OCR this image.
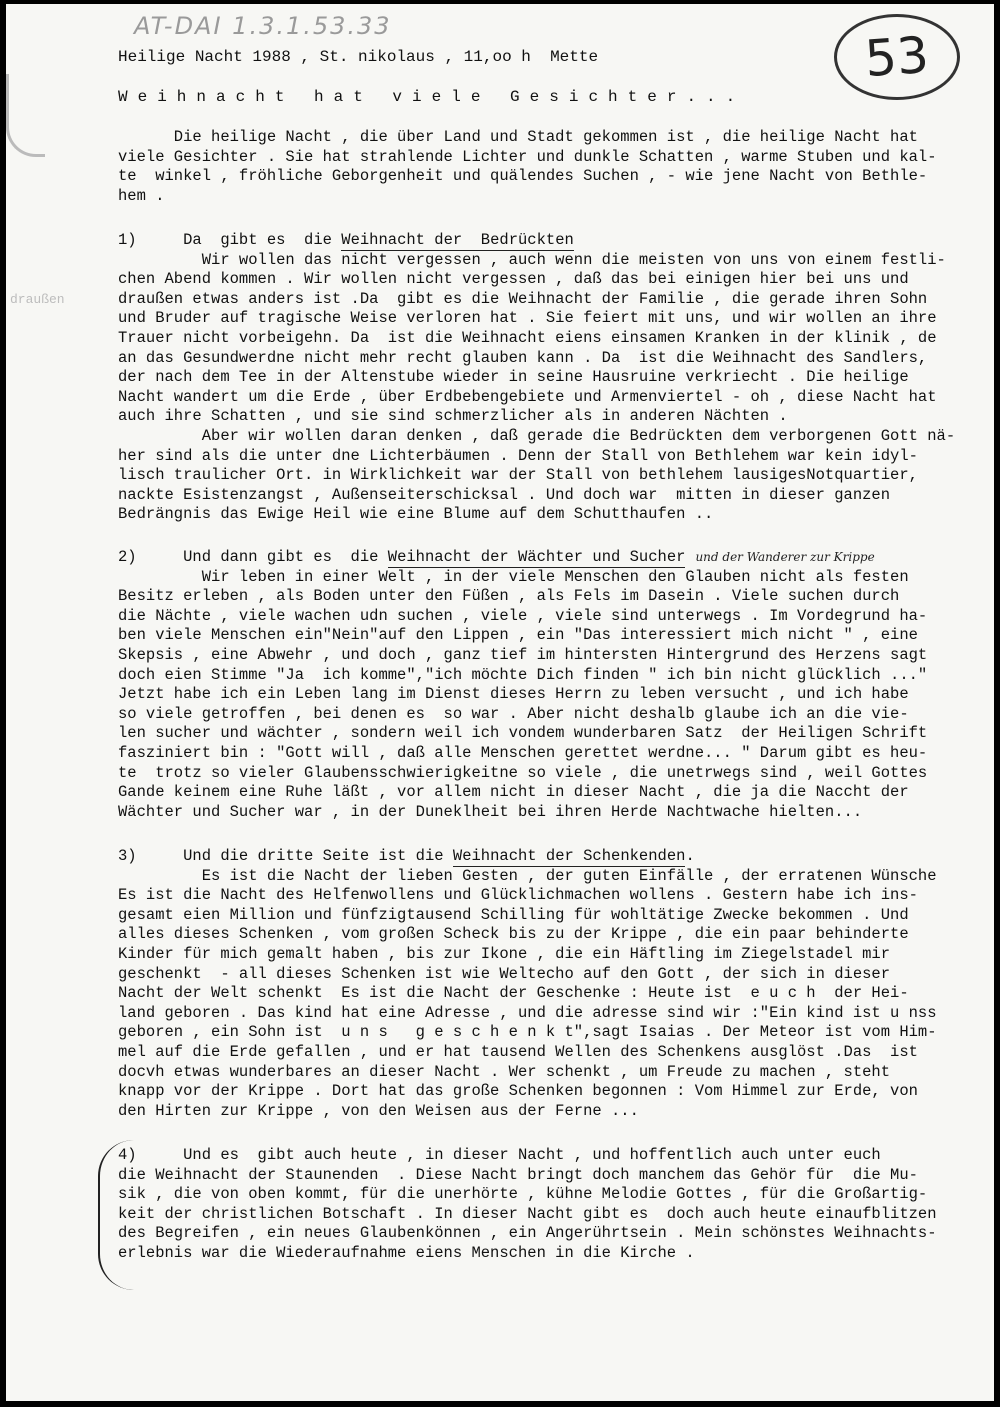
AT-DAI 1.3.1.53.33	53
draußen
Heilige Nacht 1988 , St. nikolaus , 11,oo h  Mette
Weihnacht hat viele Gesichter...
Die heilige Nacht , die über Land und Stadt gekommen ist , die heilige Nacht hat
viele Gesichter . Sie hat strahlende Lichter und dunkle Schatten , warme Stuben und kal-
te  winkel , fröhliche Geborgenheit und quälendes Suchen , - wie jene Nacht von Bethle-
hem .
1)	Da  gibt es  die Weihnacht der  Bedrückten
Wir wollen das nicht vergessen , auch wenn die meisten von uns von einem festli-
chen Abend kommen . Wir wollen nicht vergessen , daß das bei einigen hier bei uns und
draußen etwas anders ist .Da  gibt es die Weihnacht der Familie , die gerade ihren Sohn
und Bruder auf tragische Weise verloren hat . Sie feiert mit uns, und wir wollen an ihre
Trauer nicht vorbeigehn. Da  ist die Weihnacht eiens einsamen Kranken in der klinik , de
an das Gesundwerdne nicht mehr recht glauben kann . Da  ist die Weihnacht des Sandlers,
der nach dem Tee in der Altenstube wieder in seine Hausruine verkriecht . Die heilige
Nacht wandert um die Erde , über Erdbebengebiete und Armenviertel - oh , diese Nacht hat
auch ihre Schatten , und sie sind schmerzlicher als in anderen Nächten .
Aber wir wollen daran denken , daß gerade die Bedrückten dem verborgenen Gott nä-
her sind als die unter dne Lichterbäumen . Denn der Stall von Bethlehem war kein idyl-
lisch traulicher Ort. in Wirklichkeit war der Stall von bethlehem lausigesNotquartier,
nackte Esistenzangst , Außenseiterschicksal . Und doch war  mitten in dieser ganzen
Bedrängnis das Ewige Heil wie eine Blume auf dem Schutthaufen ..
2)	Und dann gibt es  die Weihnacht der Wächter und Sucher und der Wanderer zur Krippe
Wir leben in einer Welt , in der viele Menschen den Glauben nicht als festen
Besitz erleben , als Boden unter den Füßen , als Fels im Dasein . Viele suchen durch
die Nächte , viele wachen udn suchen , viele , viele sind unterwegs . Im Vordegrund ha-
ben viele Menschen ein"Nein"auf den Lippen , ein "Das interessiert mich nicht " , eine
Skepsis , eine Abwehr , und doch , ganz tief im hintersten Hintergrund des Herzens sagt
doch eien Stimme "Ja  ich komme","ich möchte Dich finden " ich bin nicht glücklich ..."
Jetzt habe ich ein Leben lang im Dienst dieses Herrn zu leben versucht , und ich habe
so viele getroffen , bei denen es  so war . Aber nicht deshalb glaube ich an die vie-
len sucher und wächter , sondern weil ich vondem wunderbaren Satz  der Heiligen Schrift
fasziniert bin : "Gott will , daß alle Menschen gerettet werdne... " Darum gibt es heu-
te  trotz so vieler Glaubensschwierigkeitne so viele , die unetrwegs sind , weil Gottes
Gande keinem eine Ruhe läßt , vor allem nicht in dieser Nacht , die ja die Naccht der
Wächter und Sucher war , in der Duneklheit bei ihren Herde Nachtwache hielten...
3)	Und die dritte Seite ist die Weihnacht der Schenkenden.
Es ist die Nacht der lieben Gesten , der guten Einfälle , der erratenen Wünsche
Es ist die Nacht des Helfenwollens und Glücklichmachen wollens . Gestern habe ich ins-
gesamt eien Million und fünfzigtausend Schilling für wohltätige Zwecke bekommen . Und
alles dieses Schenken , vom großen Scheck bis zu der Krippe , die ein paar behinderte
Kinder für mich gemalt haben , bis zur Ikone , die ein Häftling im Ziegelstadel mir
geschenkt  - all dieses Schenken ist wie Weltecho auf den Gott , der sich in dieser
Nacht der Welt schenkt  Es ist die Nacht der Geschenke : Heute ist  e u c h  der Hei-
land geboren . Das kind hat eine Adresse , und die adresse sind wir :"Ein kind ist u nss
geboren , ein Sohn ist  u n s   g e s c h e n k t",sagt Isaias . Der Meteor ist vom Him-
mel auf die Erde gefallen , und er hat tausend Wellen des Schenkens ausglöst .Das  ist
docvh etwas wunderbares an dieser Nacht . Wer schenkt , um Freude zu machen , steht
knapp vor der Krippe . Dort hat das große Schenken begonnen : Vom Himmel zur Erde, von
den Hirten zur Krippe , von den Weisen aus der Ferne ...
4)	Und es  gibt auch heute , in dieser Nacht , und hoffentlich auch unter euch
die Weihnacht der Staunenden  . Diese Nacht bringt doch manchem das Gehör für  die Mu-
sik , die von oben kommt, für die unerhörte , kühne Melodie Gottes , für die Großartig-
keit der christlichen Botschaft . In dieser Nacht gibt es  doch auch heute einaufblitzen
des Begreifen , ein neues Glaubenkönnen , ein Angerührtsein . Mein schönstes Weihnachts-
erlebnis war die Wiederaufnahme eiens Menschen in die Kirche .
